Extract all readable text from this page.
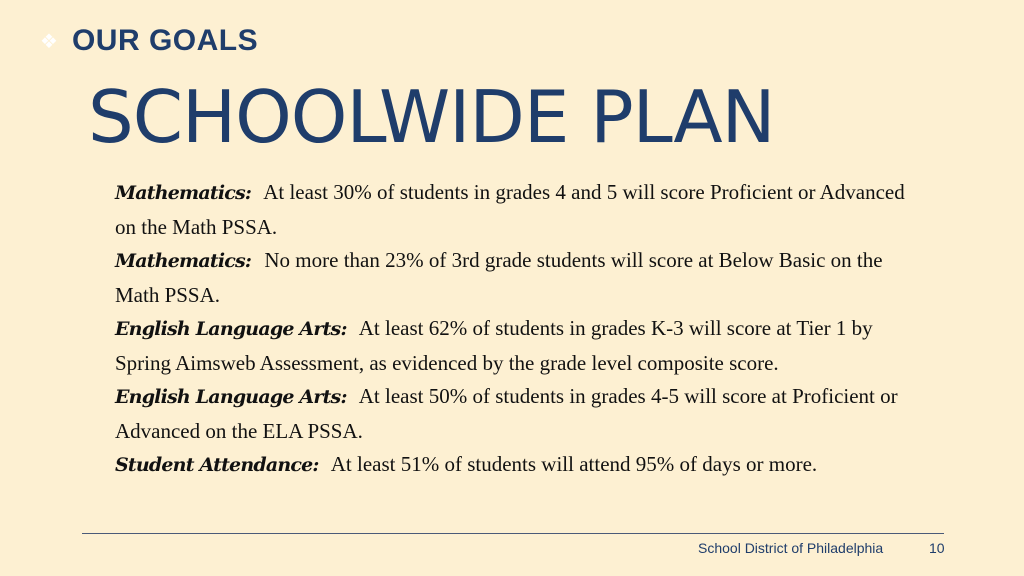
❖ OUR GOALS
SCHOOLWIDE PLAN

Mathematics: At least 30% of students in grades 4 and 5 will score Proficient or Advanced on the Math PSSA.

Mathematics: No more than 23% of 3rd grade students will score at Below Basic on the Math PSSA.

English Language Arts: At least 62% of students in grades K-3 will score at Tier 1 by Spring Aimsweb Assessment, as evidenced by the grade level composite score.

English Language Arts: At least 50% of students in grades 4-5 will score at Proficient or Advanced on the ELA PSSA.

Student Attendance: At least 51% of students will attend 95% of days or more.

School District of Philadelphia	10
